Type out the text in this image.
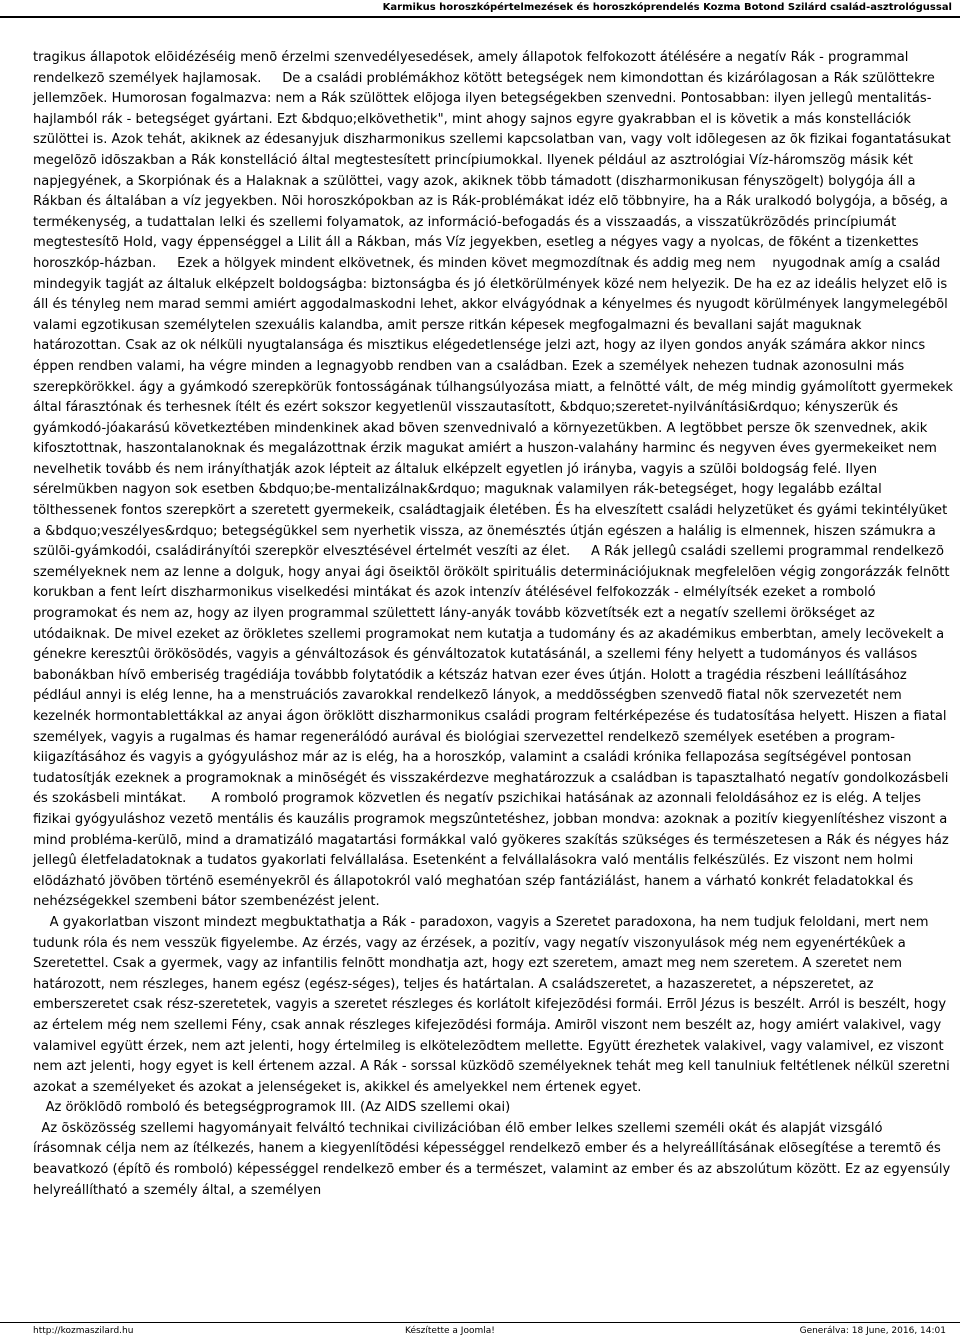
Karmikus horoszkópértelmezések és horoszkóprendelés Kozma Botond Szilárd család-asztrológussal

tragikus állapotok elõidézéséig menõ érzelmi szenvedélyesedések, amely állapotok felfokozott átélésére a negatív Rák - programmal rendelkezõ személyek hajlamosak.     De a családi problémákhoz kötött betegségek nem kimondottan és kizárólagosan a Rák szülöttekre jellemzõek. Humorosan fogalmazva: nem a Rák szülöttek elõjoga ilyen betegségekben szenvedni. Pontosabban: ilyen jellegû mentalitás-hajlamból rák - betegséget gyártani. Ezt &bdquo;elkövethetik", mint ahogy sajnos egyre gyakrabban el is követik a más konstellációk szülöttei is. Azok tehát, akiknek az édesanyjuk diszharmonikus szellemi kapcsolatban van, vagy volt idõlegesen az õk fizikai fogantatásukat megelõzõ idõszakban a Rák konstelláció által megtestesített princípiumokkal. Ilyenek például az asztrológiai Víz-háromszög másik két napjegyének, a Skorpiónak és a Halaknak a szülöttei, vagy azok, akiknek több támadott (diszharmonikusan fényszögelt) bolygója áll a Rákban és általában a víz jegyekben. Nõi horoszkópokban az is Rák-problémákat idéz elõ többnyire, ha a Rák uralkodó bolygója, a bõség, a termékenység, a tudattalan lelki és szellemi folyamatok, az információ-befogadás és a visszaadás, a visszatükrözõdés princípiumát megtestesítõ Hold, vagy éppenséggel a Lilit áll a Rákban, más Víz jegyekben, esetleg a négyes vagy a nyolcas, de fõként a tizenkettes horoszkóp-házban.     Ezek a hölgyek mindent elkövetnek, és minden követ megmozdítnak és addig meg nem    nyugodnak amíg a család mindegyik tagját az általuk elképzelt boldogságba: biztonságba és jó életkörülmények közé nem helyezik. De ha ez az ideális helyzet elõ is áll és tényleg nem marad semmi amiért aggodalmaskodni lehet, akkor elvágyódnak a kényelmes és nyugodt körülmények langymelegébõl valami egzotikusan személytelen szexuális kalandba, amit persze ritkán képesek megfogalmazni és bevallani saját maguknak határozottan. Csak az ok nélküli nyugtalansága és misztikus elégedetlensége jelzi azt, hogy az ilyen gondos anyák számára akkor nincs éppen rendben valami, ha végre minden a legnagyobb rendben van a családban. Ezek a személyek nehezen tudnak azonosulni más szerepkörökkel. ágy a gyámkodó szerepkörük fontosságának túlhangsúlyozása miatt, a felnõtté vált, de még mindig gyámolított gyermekek által fárasztónak és terhesnek ítélt és ezért sokszor kegyetlenül visszautasított, &bdquo;szeretet-nyilvánítási&rdquo; kényszerük és gyámkodó-jóakarású következtében mindenkinek akad bõven szenvednivaló a környezetükben. A legtöbbet persze õk szenvednek, akik kifosztottnak, haszontalanoknak és megalázottnak érzik magukat amiért a huszon-valahány harminc és negyven éves gyermekeiket nem nevelhetik tovább és nem irányíthatják azok lépteit az általuk elképzelt egyetlen jó irányba, vagyis a szülõi boldogság felé. Ilyen sérelmükben nagyon sok esetben &bdquo;be-mentalizálnak&rdquo; maguknak valamilyen rák-betegséget, hogy legalább ezáltal tölthessenek fontos szerepkört a szeretett gyermekeik, családtagjaik életében. És ha elveszített családi helyzetüket és gyámi tekintélyüket a &bdquo;veszélyes&rdquo; betegségükkel sem nyerhetik vissza, az önemésztés útján egészen a halálig is elmennek, hiszen számukra a szülõi-gyámkodói, családirányítói szerepkör elvesztésével értelmét veszíti az élet.     A Rák jellegû családi szellemi programmal rendelkezõ személyeknek nem az lenne a dolguk, hogy anyai ági õseiktõl örökölt spirituális determinációjuknak megfelelõen végig zongorázzák felnõtt korukban a fent leírt diszharmonikus viselkedési mintákat és azok intenzív átélésével felfokozzák - elmélyítsék ezeket a romboló programokat és nem az, hogy az ilyen programmal születtett lány-anyák tovább közvetítsék ezt a negatív szellemi örökséget az utódaiknak. De mivel ezeket az örökletes szellemi programokat nem kutatja a tudomány és az akadémikus emberbtan, amely lecövekelt a génekre keresztûi örökösödés, vagyis a génváltozások és génváltozatok kutatásánál, a szellemi fény helyett a tudományos és vallásos babonákban hívõ emberiség tragédiája továbbb folytatódik a kétszáz hatvan ezer éves útján. Holott a tragédia részbeni leállításához pédlául annyi is elég lenne, ha a menstruációs zavarokkal rendelkezõ lányok, a meddõsségben szenvedõ fiatal nõk szervezetét nem kezelnék hormontablettákkal az anyai ágon öröklött diszharmonikus családi program feltérképezése és tudatosítása helyett. Hiszen a fiatal személyek, vagyis a rugalmas és hamar regenerálódó aurával és biológiai szervezettel rendelkezõ személyek esetében a program-kiigazításához és vagyis a gyógyuláshoz már az is elég, ha a horoszkóp, valamint a családi krónika fellapozása segítségével pontosan tudatosítják ezeknek a programoknak a minõségét és visszakérdezve meghatározzuk a családban is tapasztalható negatív gondolkozásbeli és szokásbeli mintákat.      A romboló programok közvetlen és negatív pszichikai hatásának az azonnali feloldásához ez is elég. A teljes fizikai gyógyuláshoz vezetõ mentális és kauzális programok megszûntetéshez, jobban mondva: azoknak a pozitív kiegyenlítéshez viszont a mind probléma-kerülõ, mind a dramatizáló magatartási formákkal való gyökeres szakítás szükséges és természetesen a Rák és négyes ház jellegû életfeladatoknak a tudatos gyakorlati felvállalása. Esetenként a felvállalásokra való mentális felkészülés. Ez viszont nem holmi elõdázható jövõben történõ eseményekrõl és állapotokról való meghatóan szép fantáziálást, hanem a várható konkrét feladatokkal és nehézségekkel szembeni bátor szembenézést jelent.

A gyakorlatban viszont mindezt megbuktathatja a Rák - paradoxon, vagyis a Szeretet paradoxona, ha nem tudjuk feloldani, mert nem tudunk róla és nem vesszük figyelembe. Az érzés, vagy az érzések, a pozitív, vagy negatív viszonyulások még nem egyenértékûek a Szeretettel. Csak a gyermek, vagy az infantilis felnõtt mondhatja azt, hogy ezt szeretem, amazt meg nem szeretem. A szeretet nem határozott, nem részleges, hanem egész (egész-séges), teljes és határtalan. A családszeretet, a hazaszeretet, a népszeretet, az emberszeretet csak rész-szeretetek, vagyis a szeretet részleges és korlátolt kifejezõdési formái. Errõl Jézus is beszélt. Arról is beszélt, hogy az értelem még nem szellemi Fény, csak annak részleges kifejezõdési formája. Amirõl viszont nem beszélt az, hogy amiért valakivel, vagy valamivel együtt érzek, nem azt jelenti, hogy értelmileg is elkötelezõdtem mellette. Együtt érezhetek valakivel, vagy valamivel, ez viszont nem azt jelenti, hogy egyet is kell értenem azzal. A Rák - sorssal küzködõ személyeknek tehát meg kell tanulniuk feltétlenek nélkül szeretni azokat a személyeket és azokat a jelenségeket is, akikkel és amelyekkel nem értenek egyet.

Az öröklõdõ romboló és betegségprogramok III. (Az AIDS szellemi okai)

Az õsközösség szellemi hagyományait felváltó technikai civilizációban élõ ember lelkes szellemi személi okát és alapját vizsgáló írásomnak célja nem az ítélkezés, hanem a kiegyenlítõdési képességgel rendelkezõ ember és a helyreállításának elõsegítése a teremtõ és beavatkozó (építõ és romboló) képességgel rendelkezõ ember és a természet, valamint az ember és az abszolútum között. Ez az egyensúly helyreállítható a személy által, a személyen

http://kozmaszilard.hu	Készítette a Joomla!	Generálva: 18 June, 2016, 14:01
